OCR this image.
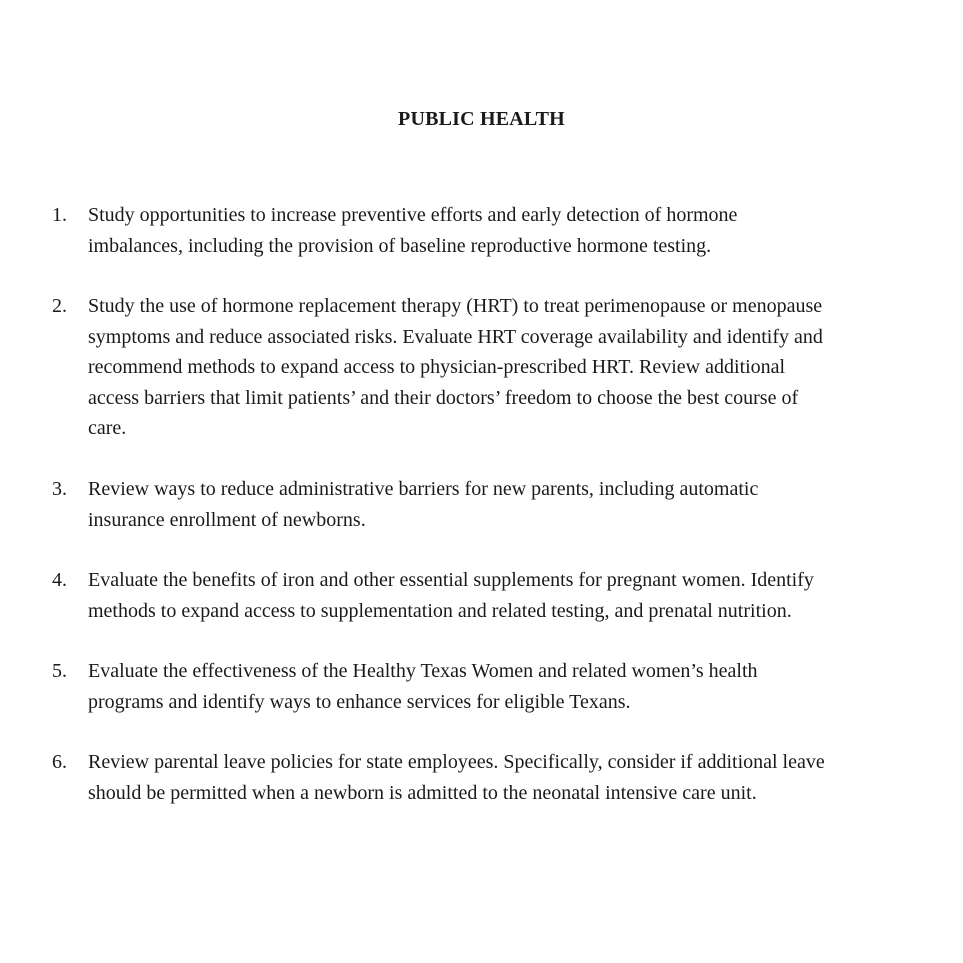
PUBLIC HEALTH
1.	Study opportunities to increase preventive efforts and early detection of hormone
imbalances, including the provision of baseline reproductive hormone testing.
2.	Study the use of hormone replacement therapy (HRT) to treat perimenopause or menopause
symptoms and reduce associated risks. Evaluate HRT coverage availability and identify and
recommend methods to expand access to physician-prescribed HRT. Review additional
access barriers that limit patients’ and their doctors’ freedom to choose the best course of
care.
3.	Review ways to reduce administrative barriers for new parents, including automatic
insurance enrollment of newborns.
4.	Evaluate the benefits of iron and other essential supplements for pregnant women. Identify
methods to expand access to supplementation and related testing, and prenatal nutrition.
5.	Evaluate the effectiveness of the Healthy Texas Women and related women’s health
programs and identify ways to enhance services for eligible Texans.
6.	Review parental leave policies for state employees. Specifically, consider if additional leave
should be permitted when a newborn is admitted to the neonatal intensive care unit.
